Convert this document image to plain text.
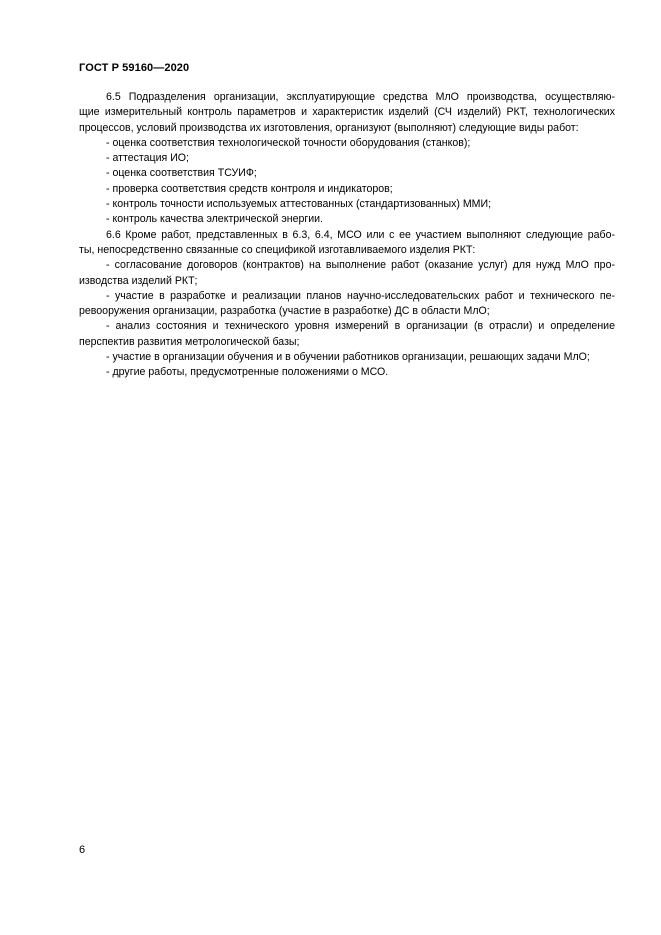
ГОСТ Р 59160—2020
6.5 Подразделения организации, эксплуатирующие средства МлО производства, осуществляю-
щие измерительный контроль параметров и характеристик изделий (СЧ изделий) РКТ, технологических
процессов, условий производства их изготовления, организуют (выполняют) следующие виды работ:
- оценка соответствия технологической точности оборудования (станков);
- аттестация ИО;
- оценка соответствия ТСУИФ;
- проверка соответствия средств контроля и индикаторов;
- контроль точности используемых аттестованных (стандартизованных) ММИ;
- контроль качества электрической энергии.
6.6 Кроме работ, представленных в 6.3, 6.4, МСО или с ее участием выполняют следующие рабо-
ты, непосредственно связанные со спецификой изготавливаемого изделия РКТ:
- согласование договоров (контрактов) на выполнение работ (оказание услуг) для нужд МлО про-
изводства изделий РКТ;
- участие в разработке и реализации планов научно-исследовательских работ и технического пе-
ревооружения организации, разработка (участие в разработке) ДС в области МлО;
- анализ состояния и технического уровня измерений в организации (в отрасли) и определение
перспектив развития метрологической базы;
- участие в организации обучения и в обучении работников организации, решающих задачи МлО;
- другие работы, предусмотренные положениями о МСО.
6
